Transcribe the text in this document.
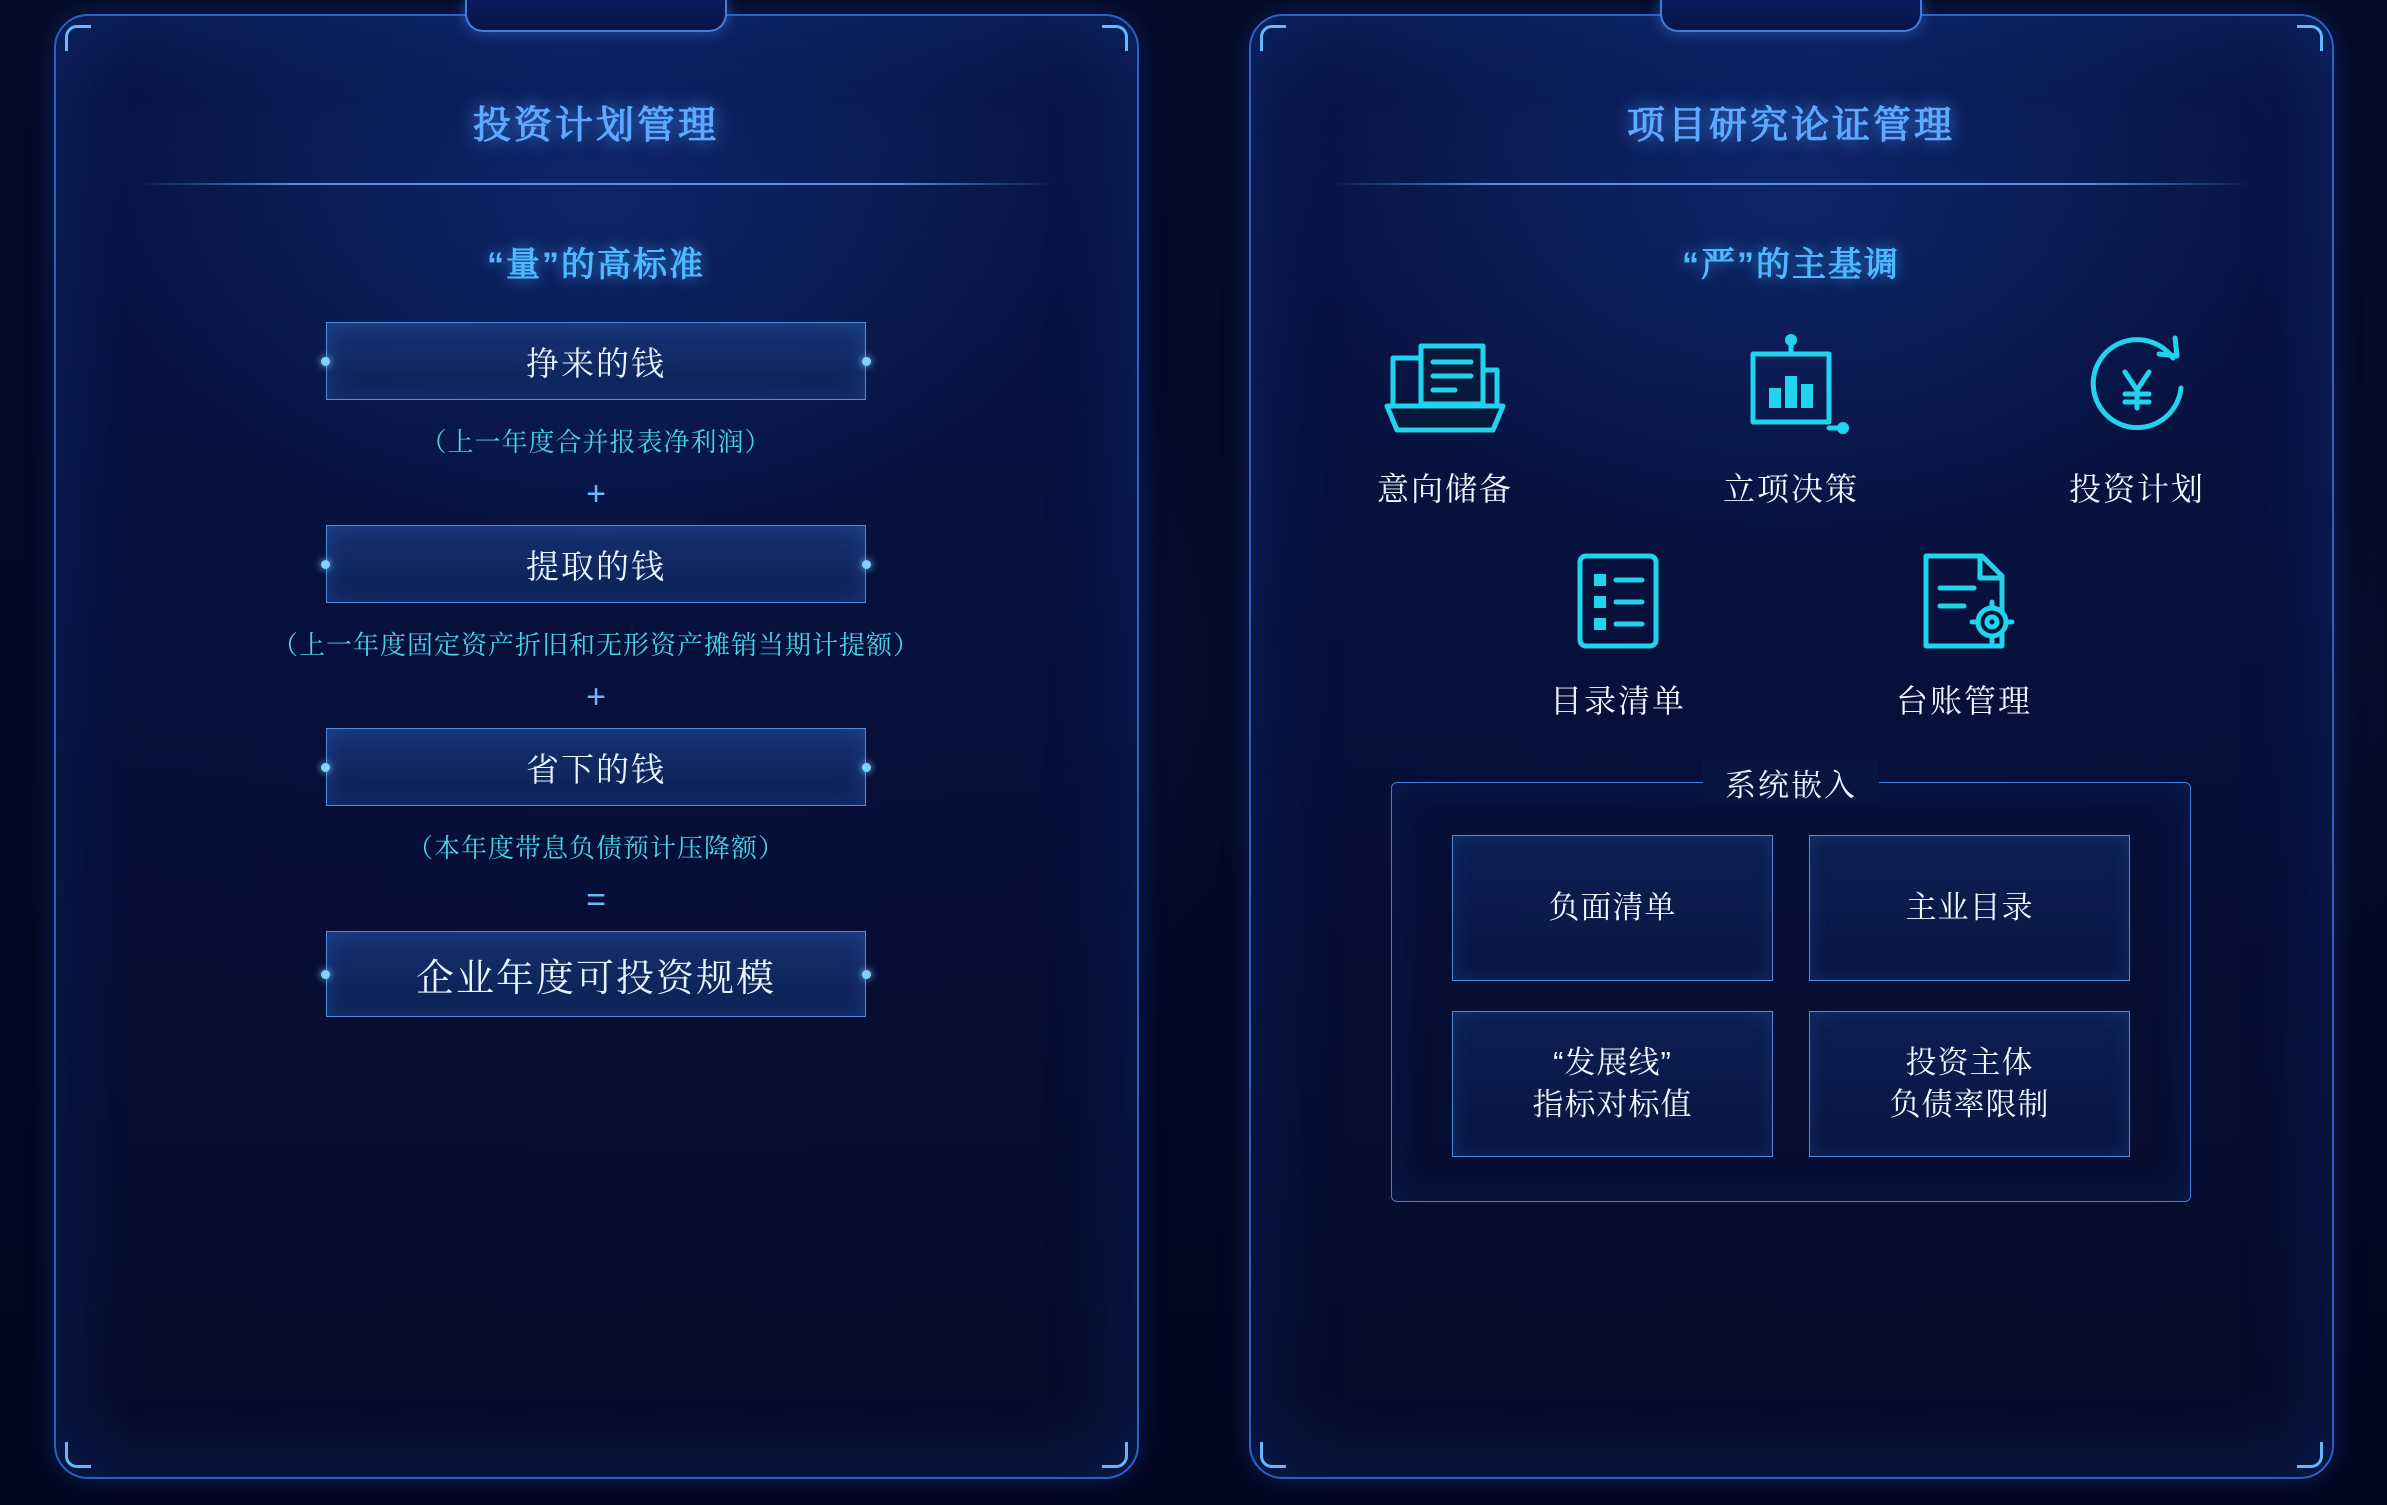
投资计划管理
“量”的高标准
挣来的钱
（上一年度合并报表净利润）
+
提取的钱
（上一年度固定资产折旧和无形资产摊销当期计提额）
+
省下的钱
（本年度带息负债预计压降额）
=
企业年度可投资规模
项目研究论证管理
“严”的主基调
意向储备	立项决策	投资计划
目录清单	台账管理
系统嵌入
负面清单	主业目录
“发展线”
指标对标值
投资主体
负债率限制
